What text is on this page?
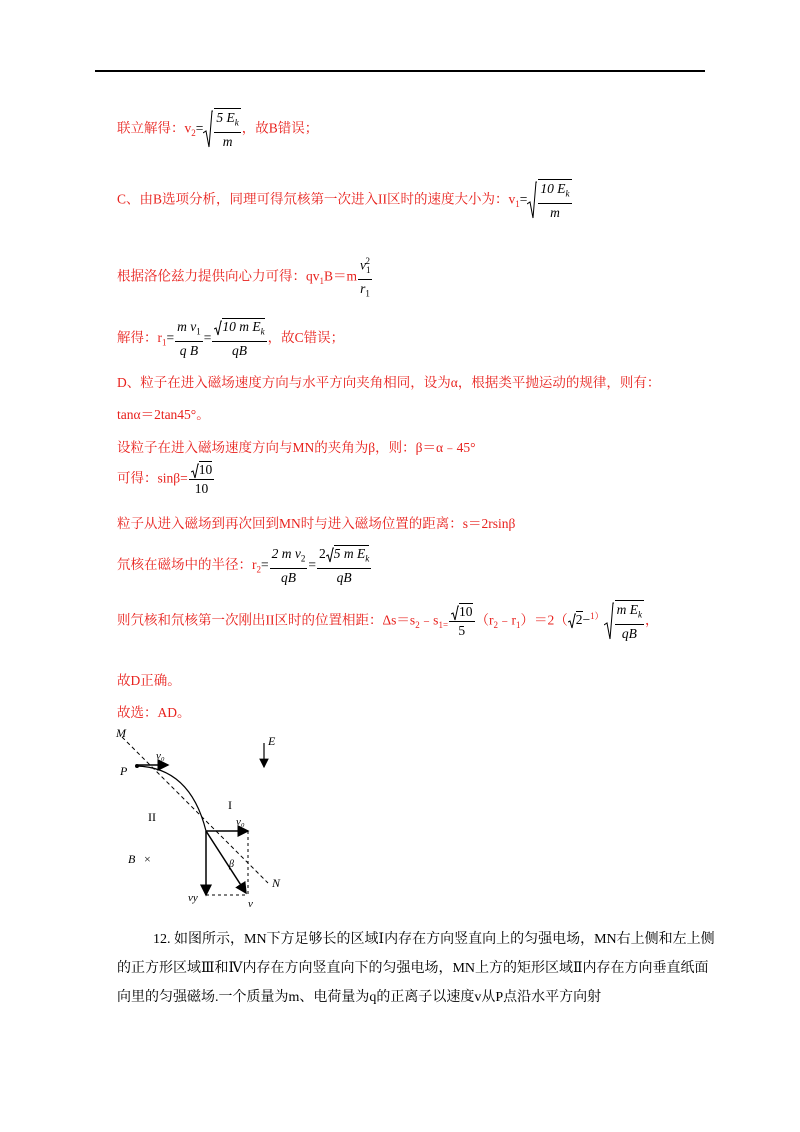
联立解得：$v_2= \frac{5 E_k}{m}$ ，故B错误；
C、由B选项分析，同理可得氘核第一次进入II区时的速度大小为：$v_1= \frac{10 E_k}{m}$
根据洛伦兹力提供向心力可得：$qv_1B=m \frac{v_1^2}{r_1}$
解得：$r_1= \frac{m v_1}{\text{q B}} = \frac{10 m E_k}{qB}$ ，故C错误；
D、粒子在进入磁场速度方向与水平方向夹角相同，设为α，根据类平抛运动的规律，则有：
tanα＝2tan45°。
设粒子在进入磁场速度方向与MN的夹角为β，则：β＝α﹣45°
可得：$\sin\beta= \frac{10}{10}$
粒子从进入磁场到再次回到MN时与进入磁场位置的距离：s＝2rsinβ
氘核在磁场中的半径：$r_2= \frac{2 m v_2}{qB} = \frac{2 5 m E_k}{qB}$
则氕核和氘核第一次刚出II区时的位置相距：$\Delta s=s_2﹣s_{1=} \frac{10}{5}$ $(r_2﹣r_1)=2$（ $2-^{1)} \frac{m E_k}{qB}$ ，
故D正确。
故选：AD。
M
N
P
E
I
II
B ×
v₀
v₀
vy	v
β
12. 如图所示，MN下方足够长的区域Ⅰ内存在方向竖直向上的匀强电场，MN右上侧和左上侧的正方形区域Ⅲ和Ⅳ内存在方向竖直向下的匀强电场，MN上方的矩形区域Ⅱ内存在方向垂直纸面向里的匀强磁场.一个质量为m、电荷量为q的正离子以速度v从P点沿水平方向射
